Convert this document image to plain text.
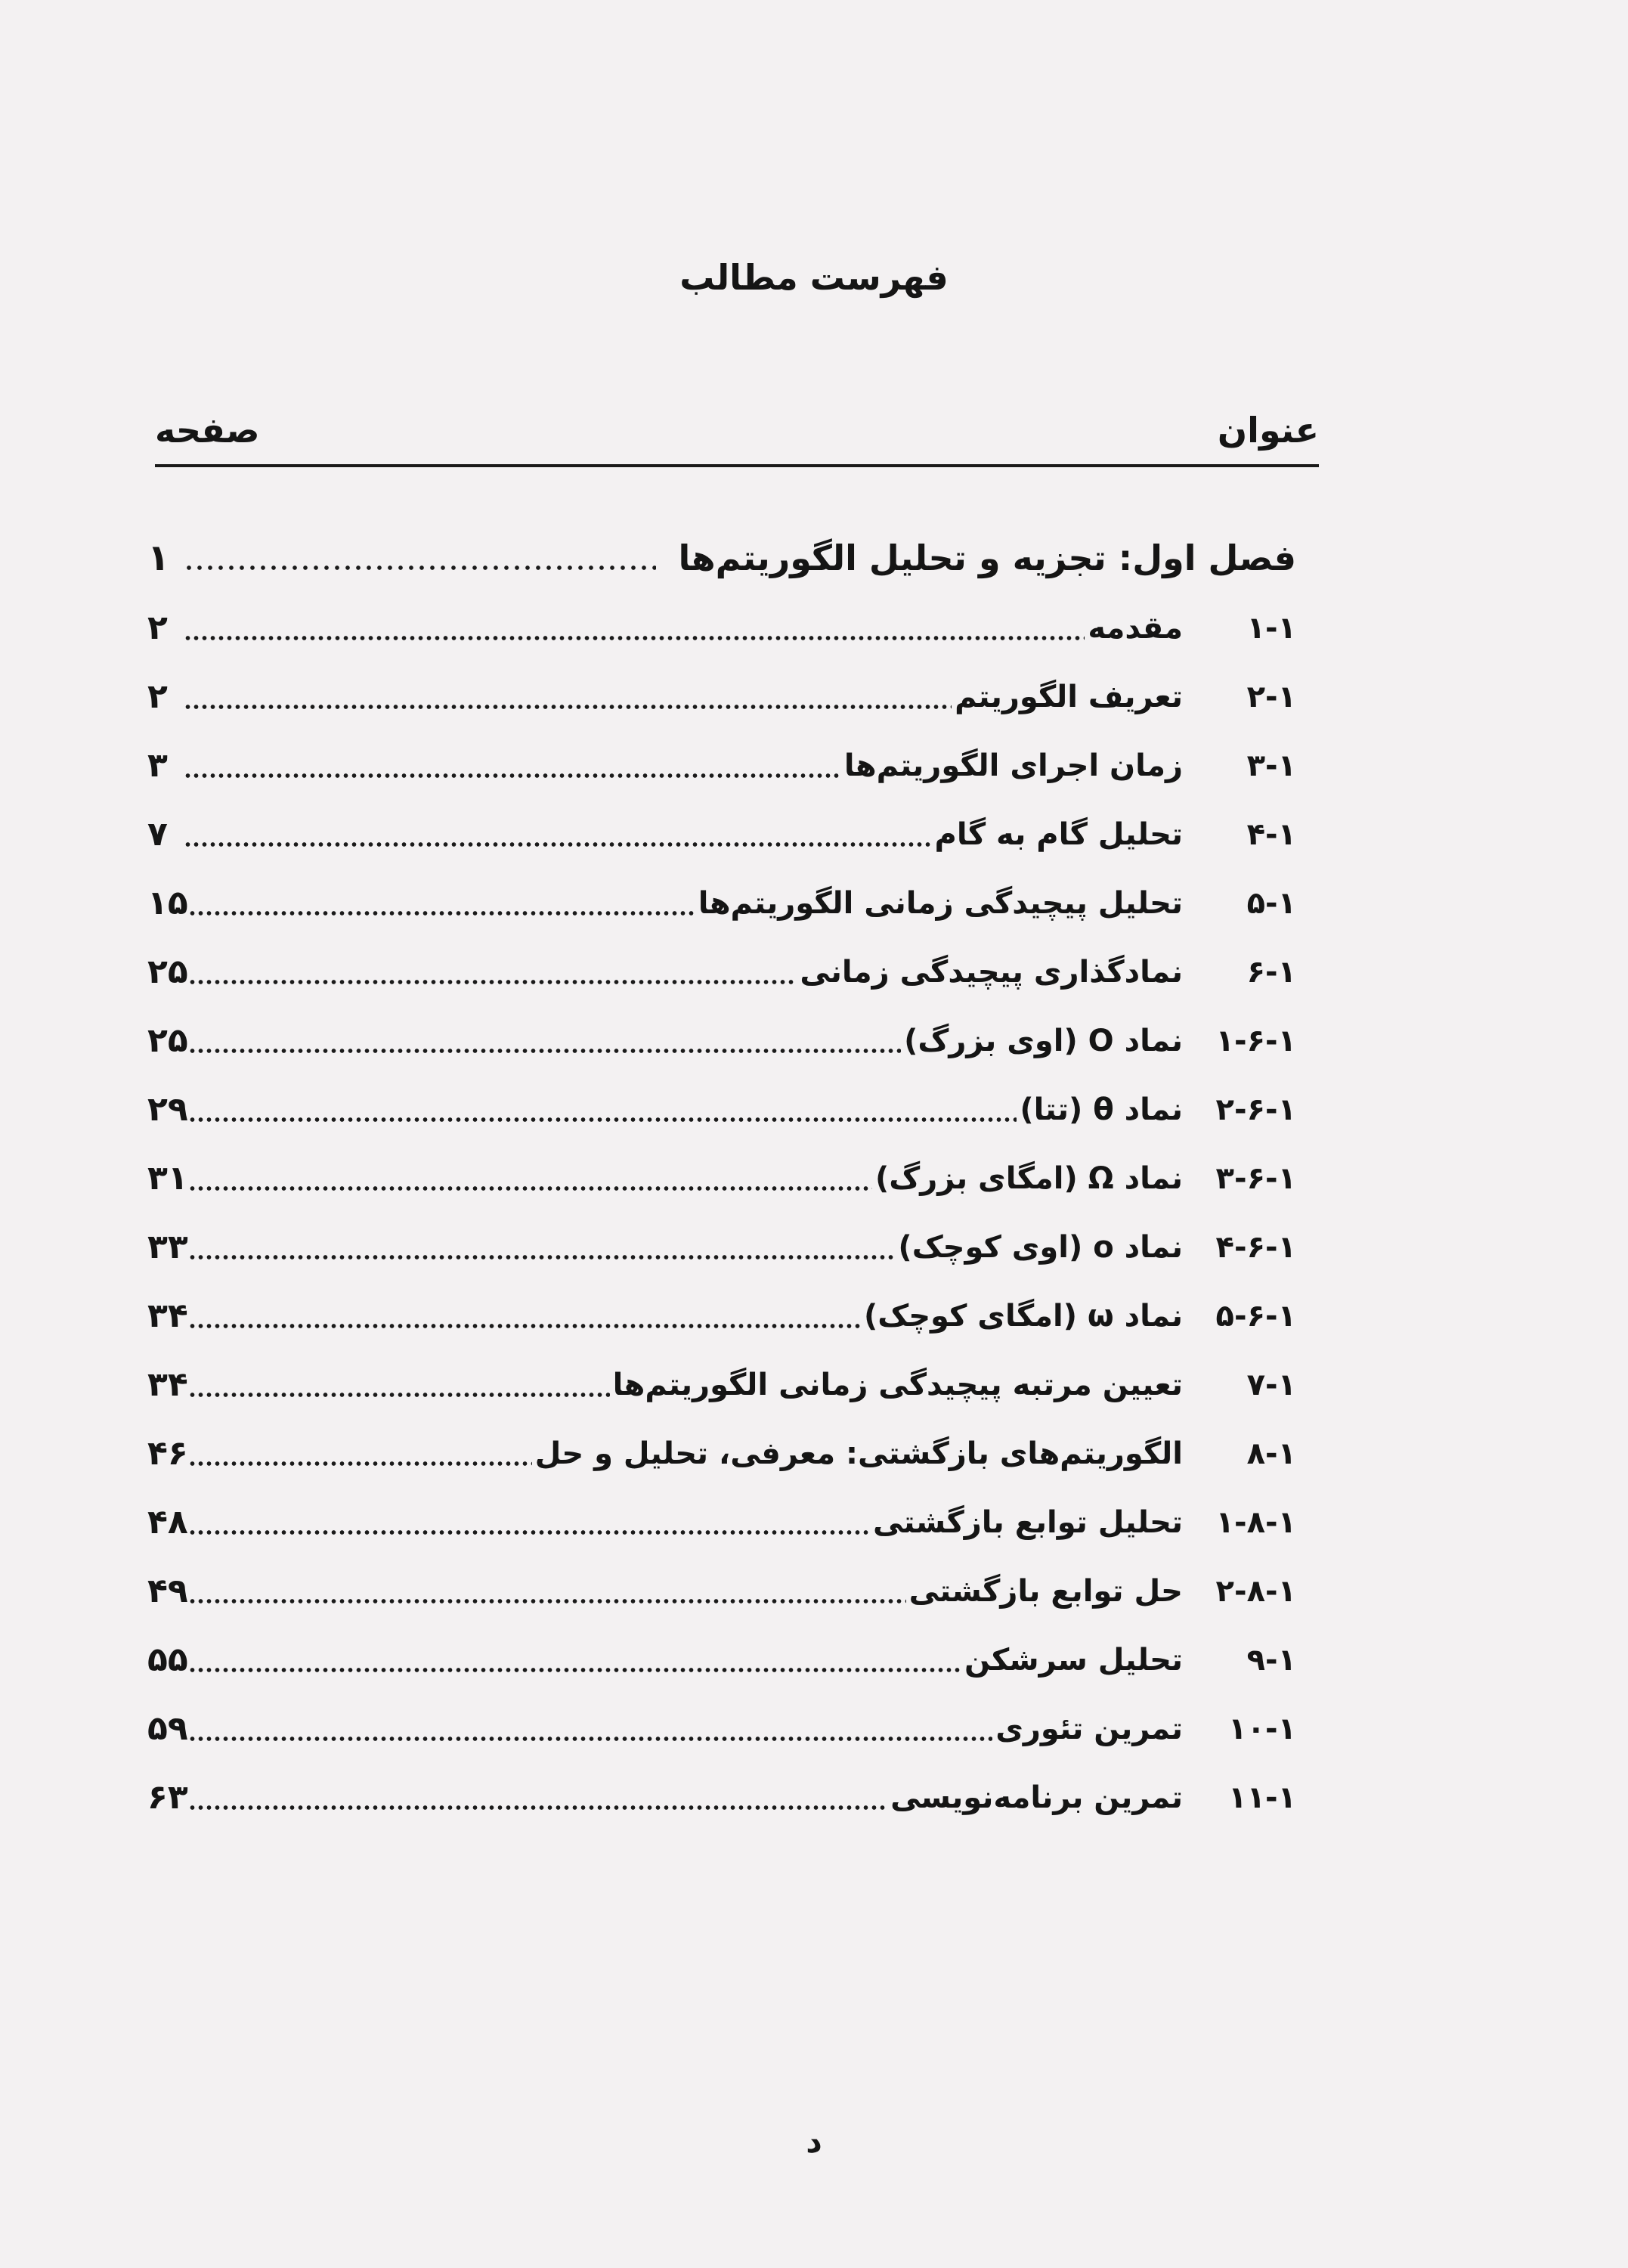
فهرست مطالب
عنوان
صفحه
فصل اول: تجزیه و تحلیل الگوریتم‌ها
۱
۱-۱
مقدمه
۲
۲-۱
تعریف الگوریتم
۲
۳-۱
زمان اجرای الگوریتم‌ها
۳
۴-۱
تحلیل گام به گام
۷
۵-۱
تحلیل پیچیدگی زمانی الگوریتم‌ها
۱۵
۶-۱
نمادگذاری پیچیدگی زمانی
۲۵
۱-۶-۱
نماد O (اوی بزرگ)
۲۵
۲-۶-۱
نماد θ (تتا)
۲۹
۳-۶-۱
نماد Ω (امگای بزرگ)
۳۱
۴-۶-۱
نماد o (اوی کوچک)
۳۳
۵-۶-۱
نماد ω (امگای کوچک)
۳۴
۷-۱
تعیین مرتبه پیچیدگی زمانی الگوریتم‌ها
۳۴
۸-۱
الگوریتم‌های بازگشتی: معرفی، تحلیل و حل
۴۶
۱-۸-۱
تحلیل توابع بازگشتی
۴۸
۲-۸-۱
حل توابع بازگشتی
۴۹
۹-۱
تحلیل سرشکن
۵۵
۱۰-۱
تمرین تئوری
۵۹
۱۱-۱
تمرین برنامه‌نویسی
۶۳
د
